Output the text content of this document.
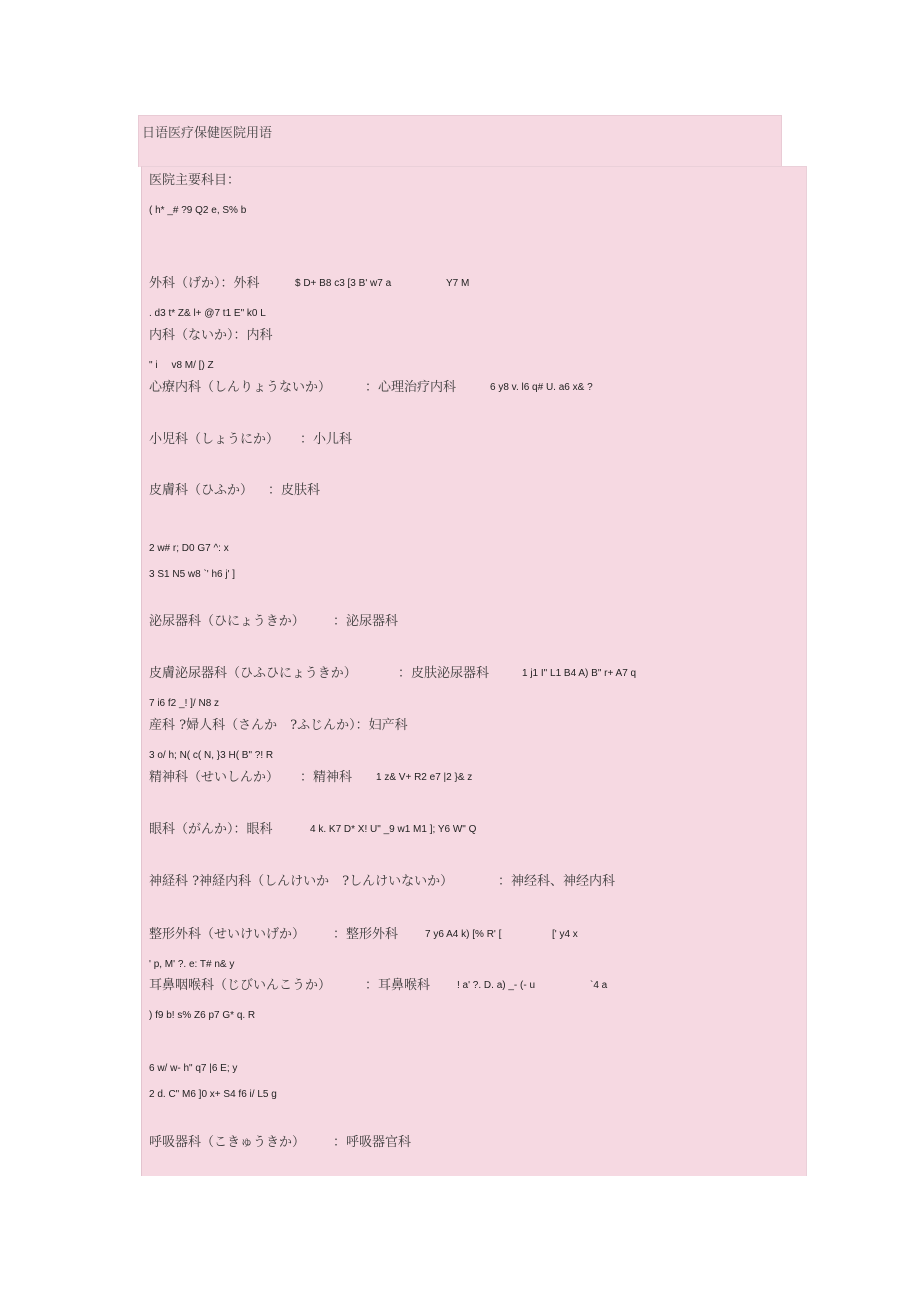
日语医疗保健医院用语
医院主要科目：
( h* _# ?9 Q2 e, S% b
外科（げか）：外科	$ D+ B8 c3 [3 B' w7 a	Y7 M
. d3 t* Z& l+ @7 t1 E" k0 L
内科（ないか）：内科
" i     v8 M/ [) Z
心療内科（しんりょうないか）	：心理治疗内科	6 y8 v. l6 q# U. a6 x& ?
小児科（しょうにか） ：小儿科
皮膚科（ひふか） ：皮肤科
2 w# r; D0 G7 ^: x
3 S1 N5 w8 `' h6 j' ]
泌尿器科（ひにょうきか） ：泌尿器科
皮膚泌尿器科（ひふひにょうきか）	：皮肤泌尿器科	1 j1 I" L1 B4 A) B" r+ A7 q
7 i6 f2 _! ]/ N8 z
産科 ?婦人科（さんか　?ふじんか）：妇产科
3 o/ h; N( c( N, }3 H( B" ?! R
精神科（せいしんか） ：精神科 1 z& V+ R2 e7 |2 }& z
眼科（がんか）：眼科	4 k. K7 D* X! U" _9 w1 M1 ]; Y6 W" Q
神経科 ?神経内科（しんけいか　?しんけいないか）	：神经科、神经内科
整形外科（せいけいげか） ：整形外科	7 y6 A4 k) [% R' [	[' y4 x
' p, M' ?. e: T# n& y
耳鼻咽喉科（じびいんこうか）	：耳鼻喉科	! a' ?. D. a) _- (- u	`4 a
) f9 b! s% Z6 p7 G* q. R
6 w/ w- h" q7 |6 E; y
2 d. C" M6 ]0 x+ S4 f6 i/ L5 g
呼吸器科（こきゅうきか） ：呼吸器官科
